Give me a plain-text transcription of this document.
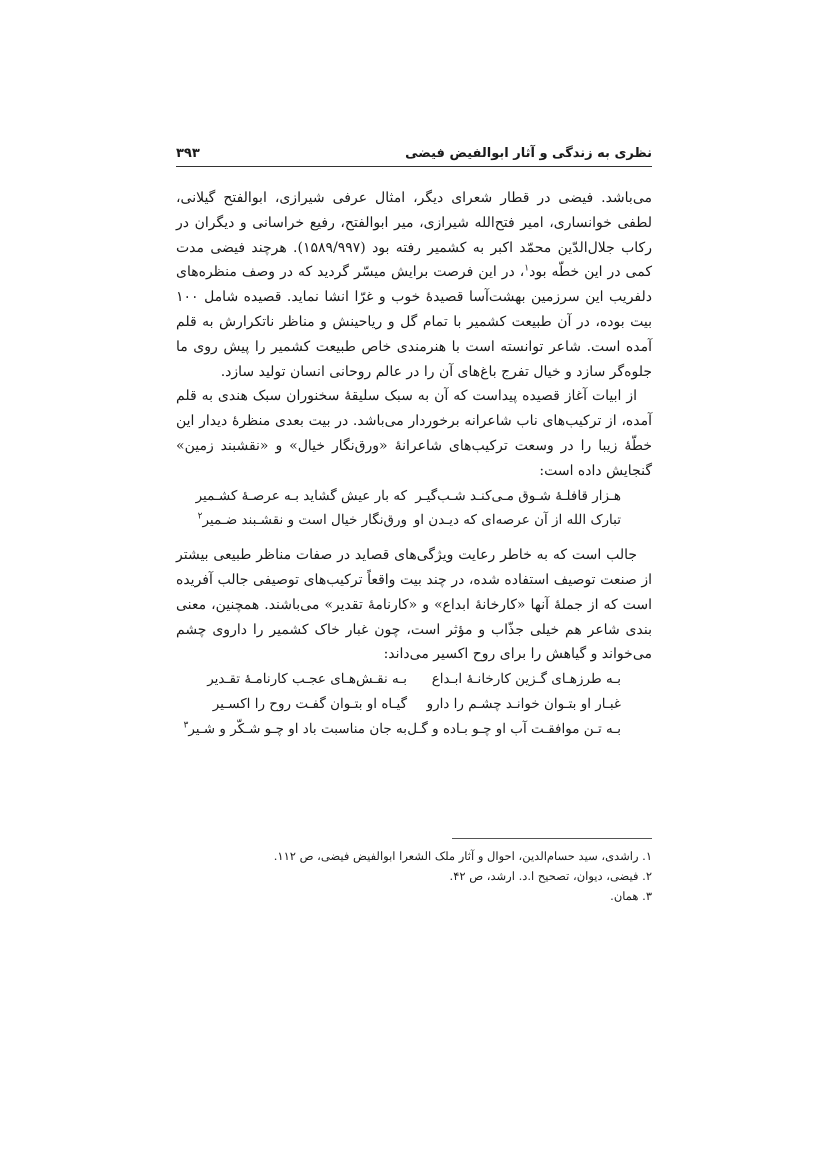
نظری به زندگی و آثار ابوالفیض فیضی
۳۹۳

می‌باشد. فیضی در قطار شعرای دیگر، امثال عرفی شیرازی، ابوالفتح گیلانی، لطفی خوانساری، امیر فتح‌الله شیرازی، میر ابوالفتح، رفیع خراسانی و دیگران در رکاب جلال‌الدّین محمّد اکبر به کشمیر رفته بود (۱۵۸۹/۹۹۷). هرچند فیضی مدت کمی در این خطّه بود$^۱$، در این فرصت برایش میسّر گردید که در وصف منظره‌های دلفریب این سرزمین بهشت‌آسا قصیدهٔ خوب و غرّا انشا نماید. قصیده شامل ۱۰۰ بیت بوده، در آن طبیعت کشمیر با تمام گل و ریاحینش و مناظر ناتکرارش به قلم آمده است. شاعر توانسته است با هنرمندی خاص طبیعت کشمیر را پیش روی ما جلوه‌گر سازد و خیال تفرج باغ‌های آن را در عالم روحانی انسان تولید سازد.

از ابیات آغاز قصیده پیداست که آن به سبک سلیقهٔ سخنوران سبک هندی به قلم آمده، از ترکیب‌های ناب شاعرانه برخوردار می‌باشد. در بیت بعدی منظرهٔ دیدار این خطّهٔ زیبا را در وسعت ترکیب‌های شاعرانهٔ «ورق‌نگار خیال» و «نقشبند زمین» گنجایش داده است:

هـزار قافلـهٔ شـوق مـی‌کنـد شـب‌گیـر
که بار عیش گشاید بـه عرصـهٔ کشـمیر
تبارک الله از آن عرصه‌ای که دیـدن او
ورق‌نگار خیال است و نقشـبند ضـمیر$^۲$

جالب است که به خاطر رعایت ویژگی‌های قصاید در صفات مناظر طبیعی بیشتر از صنعت توصیف استفاده شده، در چند بیت واقعاً ترکیب‌های توصیفی جالب آفریده است که از جملهٔ آنها «کارخانهٔ ابداع» و «کارنامهٔ تقدیر» می‌باشند. همچنین، معنی بندی شاعر هم خیلی جذّاب و مؤثر است، چون غبار خاک کشمیر را داروی چشم می‌خواند و گیاهش را برای روح اکسیر می‌داند:

بـه طرزهـای گـزین کارخانـهٔ ابـداع
بـه نقـش‌هـای عجـب کارنامـهٔ تقـدیر
غبـار او بتـوان خوانـد چشـم را دارو
گیـاه او بتـوان گفـت روح را اکسـیر
بـه تـن موافقـت آب او چـو بـاده و گـل
به جان مناسبت باد او چـو شـکّر و شـیر$^۳$

۱. راشدی، سید حسام‌الدین، احوال و آثار ملک الشعرا ابوالفیض فیضی، ص ۱۱۲.

۲. فیضی، دیوان، تصحیح ا.د. ارشد، ص ۴۲.

۳. همان.
